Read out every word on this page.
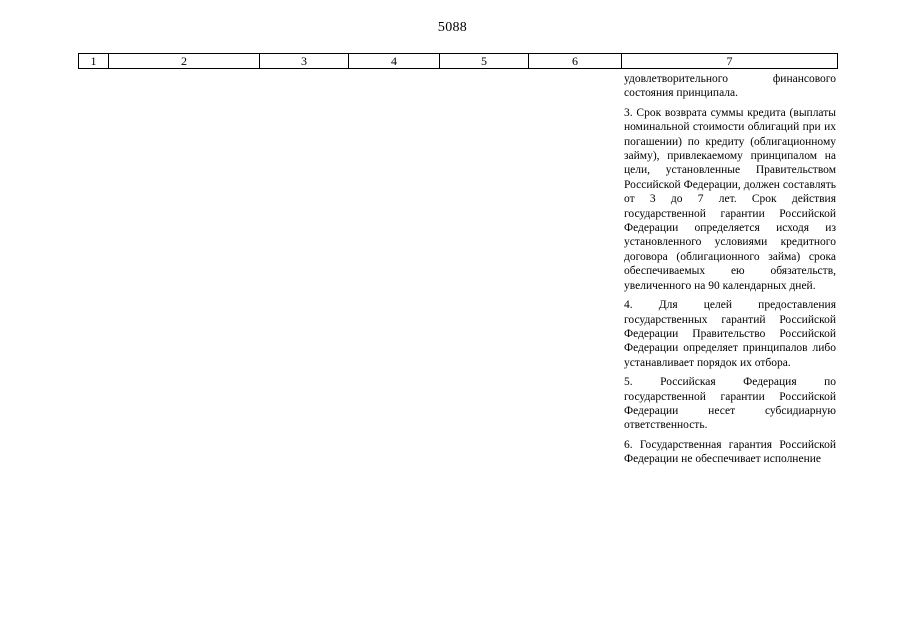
5088
1	2	3	4	5	6	7

удовлетворительного финансового состояния принципала.

3. Срок возврата суммы кредита (выплаты номинальной стоимости облигаций при их погашении) по кредиту (облигационному займу), привлекаемому принципалом на цели, установленные Правительством Российской Федерации, должен составлять от 3 до 7 лет. Срок действия государственной гарантии Российской Федерации определяется исходя из установленного условиями кредитного договора (облигационного займа) срока обеспечиваемых ею обязательств, увеличенного на 90 календарных дней.

4. Для целей предоставления государственных гарантий Российской Федерации Правительство Российской Федерации определяет принципалов либо устанавливает порядок их отбора.

5. Российская Федерация по государственной гарантии Российской Федерации несет субсидиарную ответственность.

6. Государственная гарантия Российской Федерации не обеспечивает исполнение
